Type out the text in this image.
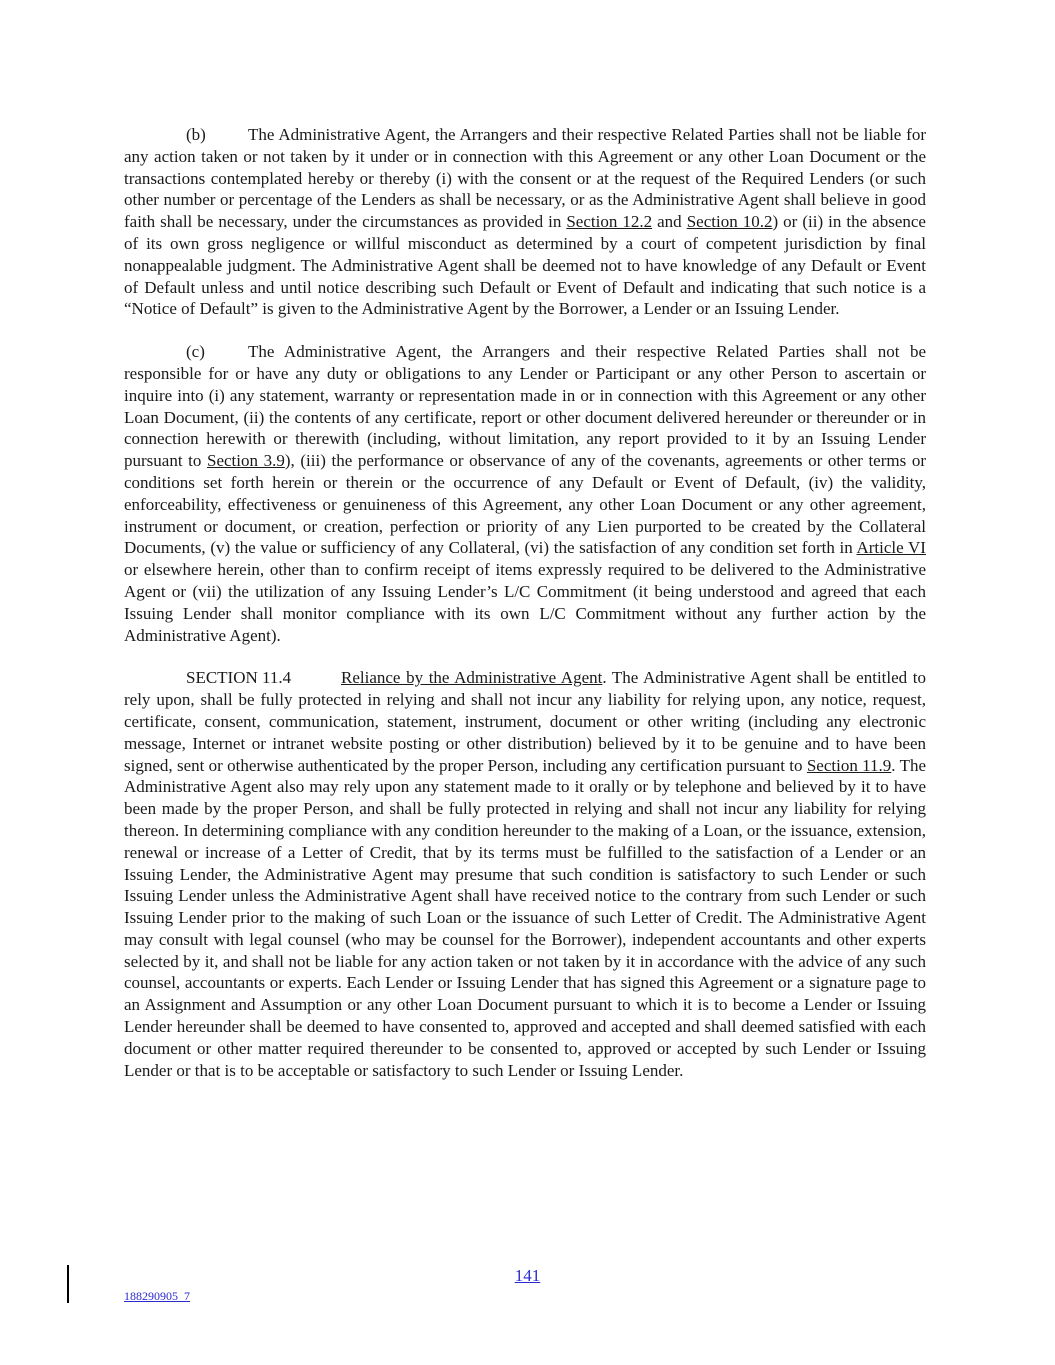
(b) The Administrative Agent, the Arrangers and their respective Related Parties shall not be liable for any action taken or not taken by it under or in connection with this Agreement or any other Loan Document or the transactions contemplated hereby or thereby (i) with the consent or at the request of the Required Lenders (or such other number or percentage of the Lenders as shall be necessary, or as the Administrative Agent shall believe in good faith shall be necessary, under the circumstances as provided in Section 12.2 and Section 10.2) or (ii) in the absence of its own gross negligence or willful misconduct as determined by a court of competent jurisdiction by final nonappealable judgment. The Administrative Agent shall be deemed not to have knowledge of any Default or Event of Default unless and until notice describing such Default or Event of Default and indicating that such notice is a “Notice of Default” is given to the Administrative Agent by the Borrower, a Lender or an Issuing Lender.

(c)	The Administrative Agent, the Arrangers and their respective Related Parties shall not be responsible for or have any duty or obligations to any Lender or Participant or any other Person to ascertain or inquire into (i) any statement, warranty or representation made in or in connection with this Agreement or any other Loan Document, (ii) the contents of any certificate, report or other document delivered hereunder or thereunder or in connection herewith or therewith (including, without limitation, any report provided to it by an Issuing Lender pursuant to Section 3.9), (iii) the performance or observance of any of the covenants, agreements or other terms or conditions set forth herein or therein or the occurrence of any Default or Event of Default, (iv) the validity, enforceability, effectiveness or genuineness of this Agreement, any other Loan Document or any other agreement, instrument or document, or creation, perfection or priority of any Lien purported to be created by the Collateral Documents, (v) the value or sufficiency of any Collateral, (vi) the satisfaction of any condition set forth in Article VI or elsewhere herein, other than to confirm receipt of items expressly required to be delivered to the Administrative Agent or (vii) the utilization of any Issuing Lender’s L/C Commitment (it being understood and agreed that each Issuing Lender shall monitor compliance with its own L/C Commitment without any further action by the Administrative Agent).

SECTION 11.4	Reliance by the Administrative Agent. The Administrative Agent shall be entitled to rely upon, shall be fully protected in relying and shall not incur any liability for relying upon, any notice, request, certificate, consent, communication, statement, instrument, document or other writing (including any electronic message, Internet or intranet website posting or other distribution) believed by it to be genuine and to have been signed, sent or otherwise authenticated by the proper Person, including any certification pursuant to Section 11.9. The Administrative Agent also may rely upon any statement made to it orally or by telephone and believed by it to have been made by the proper Person, and shall be fully protected in relying and shall not incur any liability for relying thereon. In determining compliance with any condition hereunder to the making of a Loan, or the issuance, extension, renewal or increase of a Letter of Credit, that by its terms must be fulfilled to the satisfaction of a Lender or an Issuing Lender, the Administrative Agent may presume that such condition is satisfactory to such Lender or such Issuing Lender unless the Administrative Agent shall have received notice to the contrary from such Lender or such Issuing Lender prior to the making of such Loan or the issuance of such Letter of Credit. The Administrative Agent may consult with legal counsel (who may be counsel for the Borrower), independent accountants and other experts selected by it, and shall not be liable for any action taken or not taken by it in accordance with the advice of any such counsel, accountants or experts. Each Lender or Issuing Lender that has signed this Agreement or a signature page to an Assignment and Assumption or any other Loan Document pursuant to which it is to become a Lender or Issuing Lender hereunder shall be deemed to have consented to, approved and accepted and shall deemed satisfied with each document or other matter required thereunder to be consented to, approved or accepted by such Lender or Issuing Lender or that is to be acceptable or satisfactory to such Lender or Issuing Lender.

141
188290905_7
